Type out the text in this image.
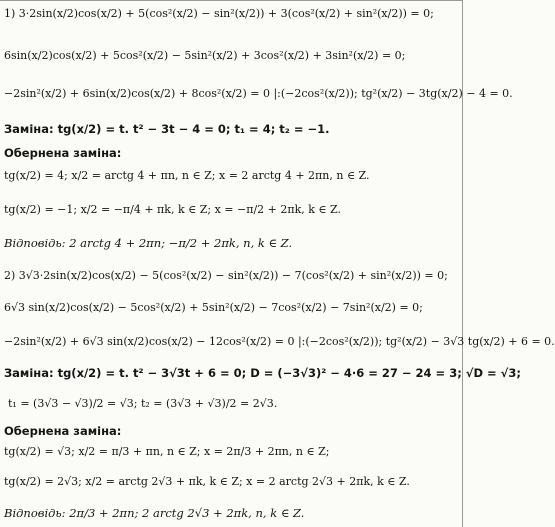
1) 3·2sin(x/2)cos(x/2) + 5(cos²(x/2) − sin²(x/2)) + 3(cos²(x/2) + sin²(x/2)) = 0;
6sin(x/2)cos(x/2) + 5cos²(x/2) − 5sin²(x/2) + 3cos²(x/2) + 3sin²(x/2) = 0;
−2sin²(x/2) + 6sin(x/2)cos(x/2) + 8cos²(x/2) = 0 |:(−2cos²(x/2)); tg²(x/2) − 3tg(x/2) − 4 = 0.
Заміна: tg(x/2) = t. t² − 3t − 4 = 0; t₁ = 4; t₂ = −1.
Обернена заміна:
tg(x/2) = 4; x/2 = arctg 4 + πn, n ∈ Z; x = 2 arctg 4 + 2πn, n ∈ Z.
tg(x/2) = −1; x/2 = −π/4 + πk, k ∈ Z; x = −π/2 + 2πk, k ∈ Z.
Відповідь: 2 arctg 4 + 2πn; −π/2 + 2πk, n, k ∈ Z.
2) 3√3·2sin(x/2)cos(x/2) − 5(cos²(x/2) − sin²(x/2)) − 7(cos²(x/2) + sin²(x/2)) = 0;
6√3 sin(x/2)cos(x/2) − 5cos²(x/2) + 5sin²(x/2) − 7cos²(x/2) − 7sin²(x/2) = 0;
−2sin²(x/2) + 6√3 sin(x/2)cos(x/2) − 12cos²(x/2) = 0 |:(−2cos²(x/2)); tg²(x/2) − 3√3 tg(x/2) + 6 = 0.
Заміна: tg(x/2) = t. t² − 3√3t + 6 = 0; D = (−3√3)² − 4·6 = 27 − 24 = 3; √D = √3;
t₁ = (3√3 − √3)/2 = √3; t₂ = (3√3 + √3)/2 = 2√3.
Обернена заміна:
tg(x/2) = √3; x/2 = π/3 + πn, n ∈ Z; x = 2π/3 + 2πn, n ∈ Z;
tg(x/2) = 2√3; x/2 = arctg 2√3 + πk, k ∈ Z; x = 2 arctg 2√3 + 2πk, k ∈ Z.
Відповідь: 2π/3 + 2πn; 2 arctg 2√3 + 2πk, n, k ∈ Z.
